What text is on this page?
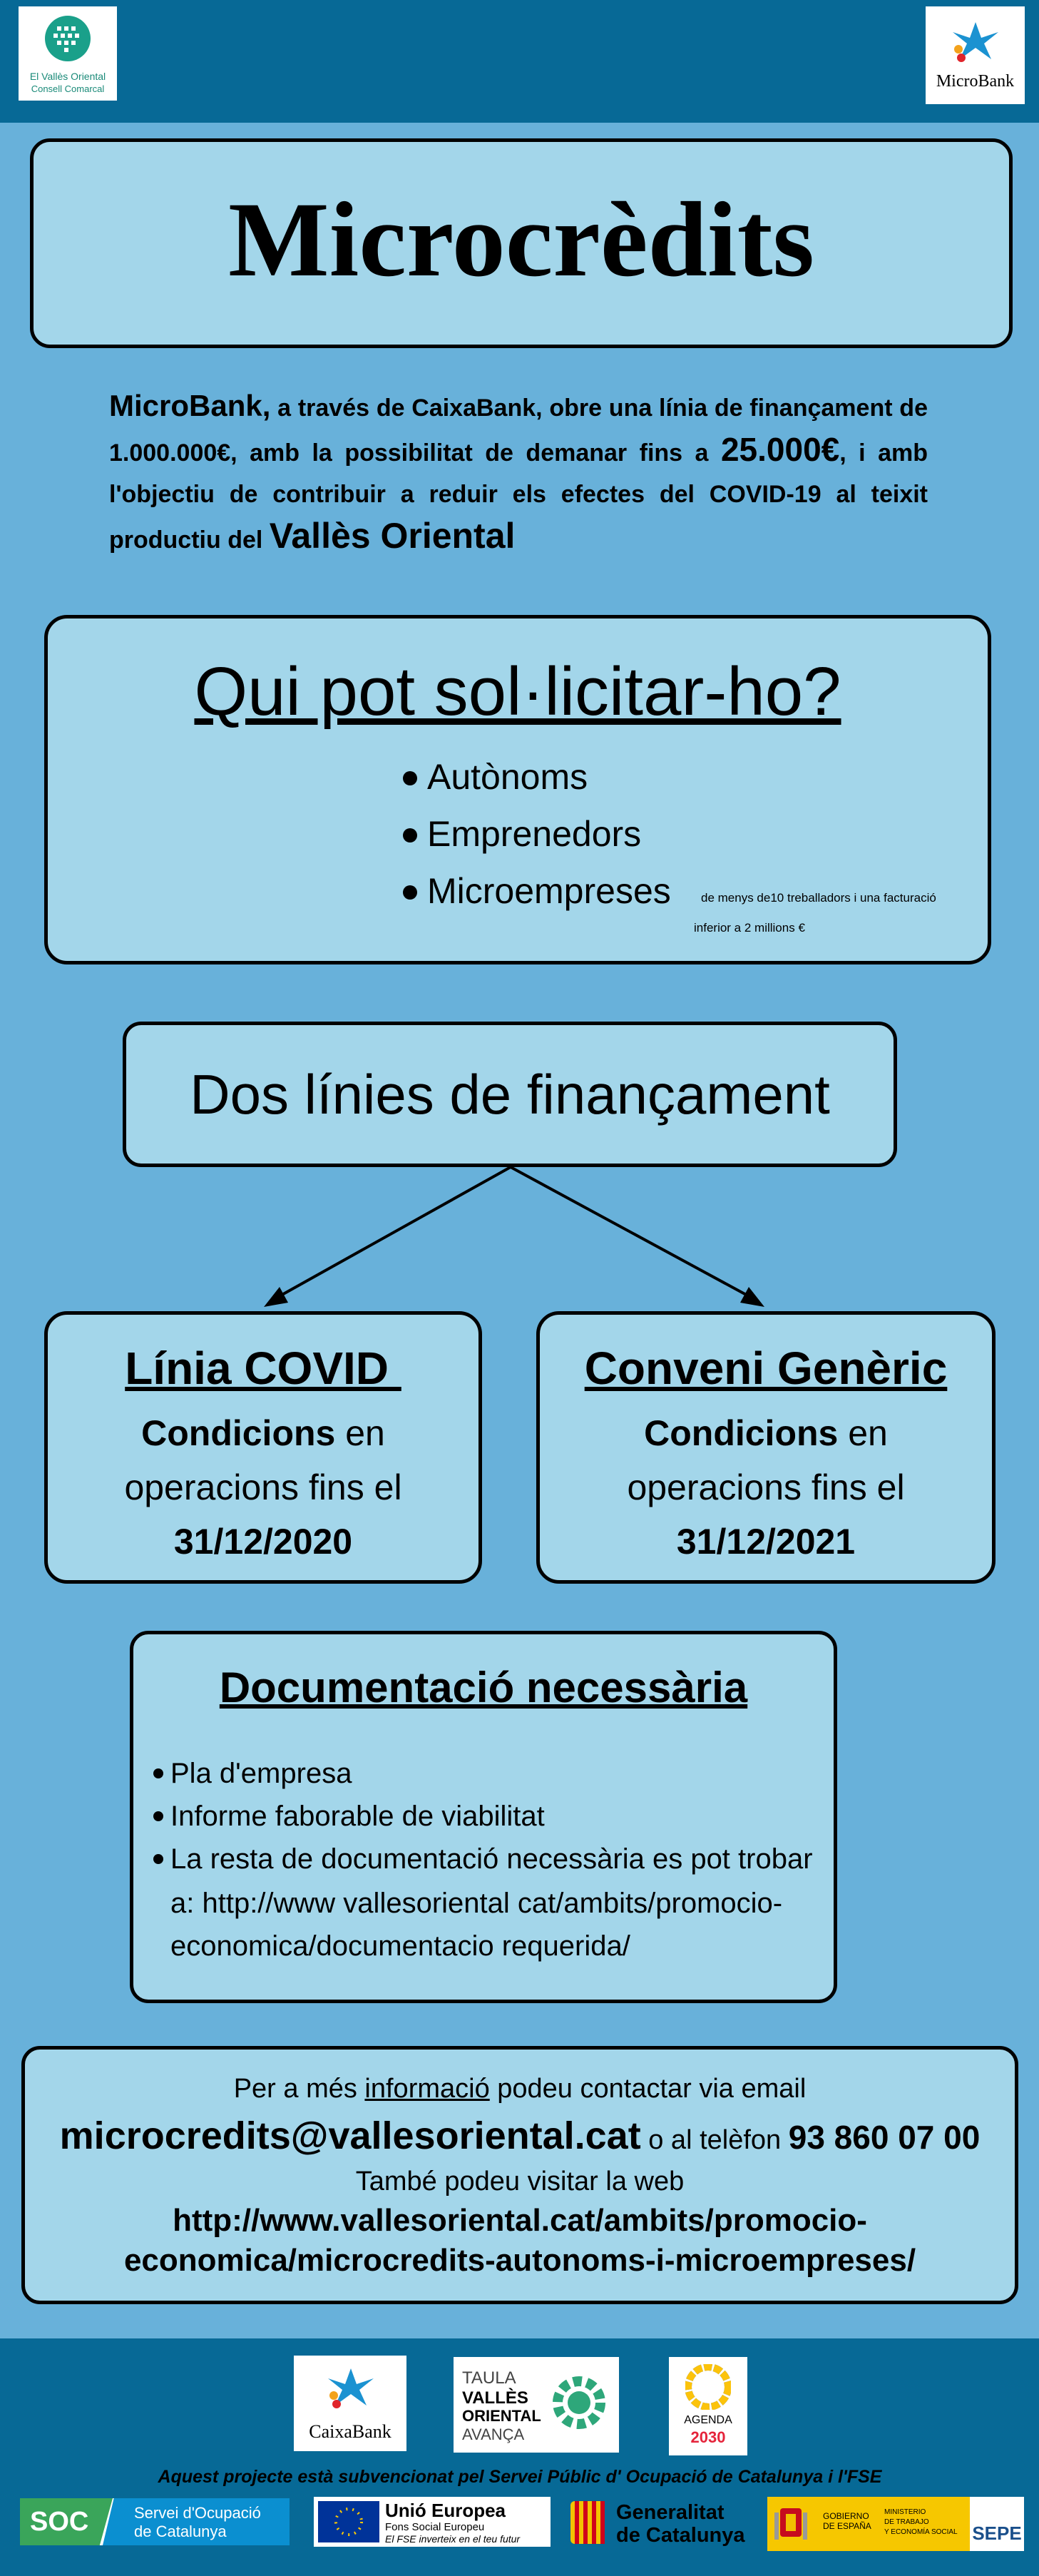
El Vallès Oriental
Consell Comarcal	MicroBank
Microcrèdits
MicroBank, a través de CaixaBank, obre una línia de finançament de 1.000.000€, amb la possibilitat de demanar fins a 25.000€, i amb l'objectiu de contribuir a reduir els efectes del COVID-19 al teixit productiu del Vallès Oriental
Qui pot sol·licitar-ho?
Autònoms
Emprenedors
Microempreses de menys de10 treballadors i una facturació
inferior a 2 millions €
Dos línies de finançament
Línia COVID
Condicions en
operacions fins el
31/12/2020
Conveni Genèric
Condicions en
operacions fins el
31/12/2021
Documentació necessària
Pla d'empresa
Informe faborable de viabilitat
La resta de documentació necessària es pot trobar
a: http://www vallesoriental cat/ambits/promocio-
economica/documentacio requerida/
Per a més informació podeu contactar via email
microcredits@vallesoriental.cat o al telèfon 93 860 07 00
També podeu visitar la web
http://www.vallesoriental.cat/ambits/promocio-
economica/microcredits-autonoms-i-microempreses/
CaixaBank
TAULA
VALLÈS
ORIENTAL
AVANÇA
AGENDA
2030
Aquest projecte està subvencionat pel Servei Públic d' Ocupació de Catalunya i l'FSE
SOC	Servei d'Ocupació
de Catalunya
Unió Europea
Fons Social Europeu
El FSE inverteix en el teu futur
Generalitat
de Catalunya
GOBIERNO
DE ESPAÑA
MINISTERIO
DE TRABAJO
Y ECONOMÍA SOCIAL SEPE
